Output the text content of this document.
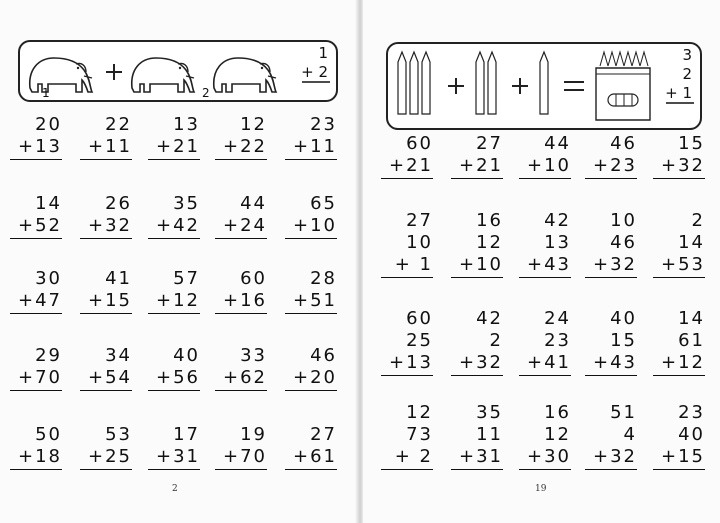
1	2
1
+ 2
20
+13
22
+11
13
+21
12
+22
23
+11
14
+52
26
+32
35
+42
44
+24
65
+10
30
+47
41
+15
57
+12
60
+16
28
+51
29
+70
34
+54
40
+56
33
+62
46
+20
50
+18
53
+25
17
+31
19
+70
27
+61
2
3
2
+ 1
60
+21
27
+21
44
+10
46
+23
15
+32
27
10
+ 1
16
12
+10
42
13
+43
10
46
+32
2
14
+53
60
25
+13
42
2
+32
24
23
+41
40
15
+43
14
61
+12
12
73
+ 2
35
11
+31
16
12
+30
51
4
+32
23
40
+15
19
